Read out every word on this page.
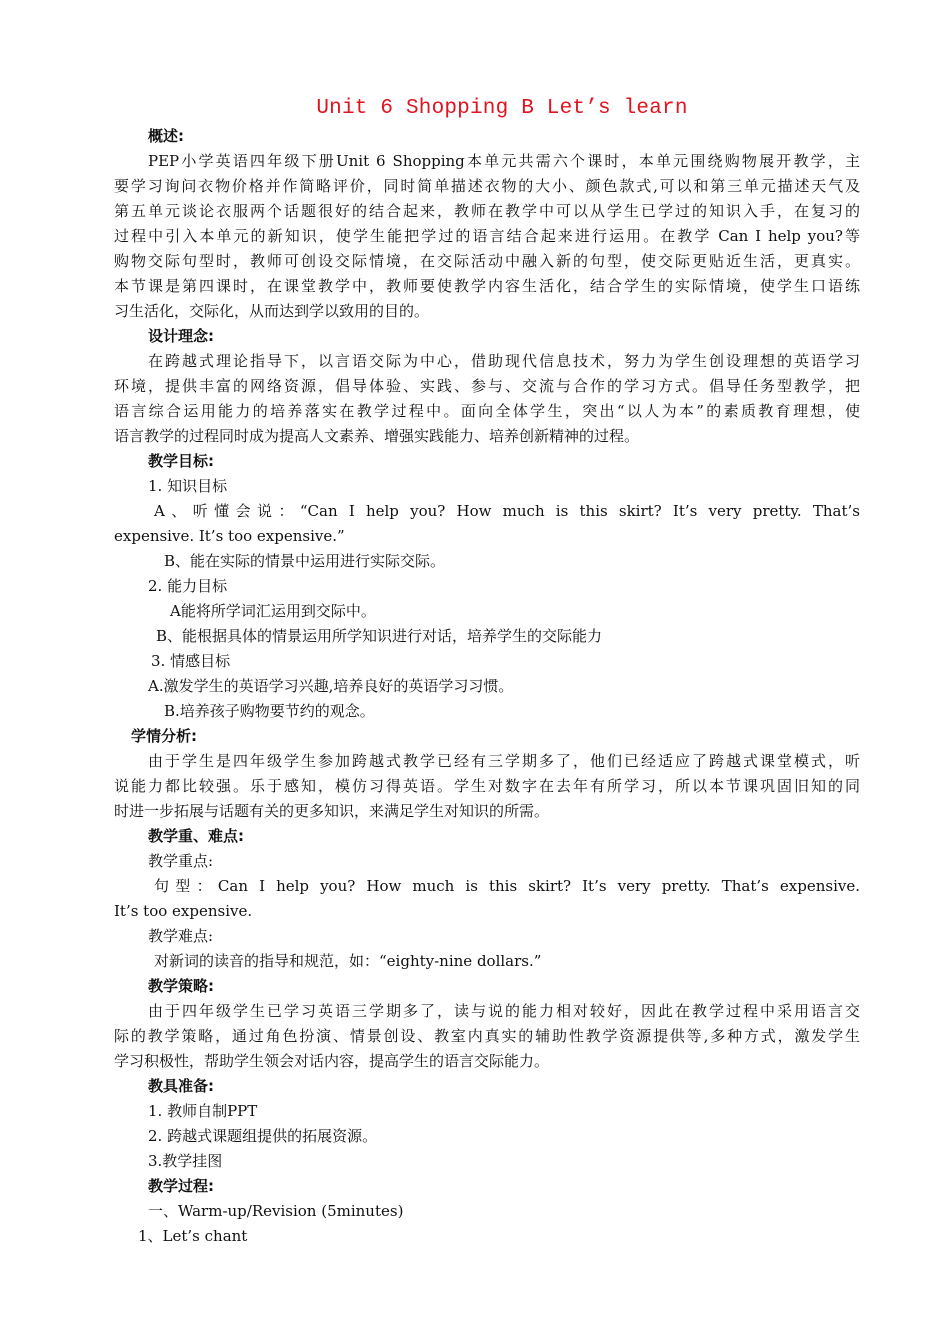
Unit 6 Shopping B Let’s learn
概述:
PEP小学英语四年级下册Unit 6 Shopping本单元共需六个课时，本单元围绕购物展开教学，主
要学习询问衣物价格并作简略评价，同时简单描述衣物的大小、颜色款式,可以和第三单元描述天气及
第五单元谈论衣服两个话题很好的结合起来，教师在教学中可以从学生已学过的知识入手，在复习的
过程中引入本单元的新知识，使学生能把学过的语言结合起来进行运用。在教学 Can I help you?等
购物交际句型时，教师可创设交际情境，在交际活动中融入新的句型，使交际更贴近生活，更真实。
本节课是第四课时，在课堂教学中，教师要使教学内容生活化，结合学生的实际情境，使学生口语练
习生活化，交际化，从而达到学以致用的目的。
设计理念:
在跨越式理论指导下，以言语交际为中心，借助现代信息技术，努力为学生创设理想的英语学习
环境，提供丰富的网络资源，倡导体验、实践、参与、交流与合作的学习方式。倡导任务型教学，把
语言综合运用能力的培养落实在教学过程中。面向全体学生，突出“以人为本”的素质教育理想，使
语言教学的过程同时成为提高人文素养、增强实践能力、培养创新精神的过程。
教学目标:
1. 知识目标
A、听懂会说：“Can I help you? How much is this skirt? It’s very pretty. That’s
expensive. It’s too expensive.”
B、能在实际的情景中运用进行实际交际。
2. 能力目标
A能将所学词汇运用到交际中。
B、能根据具体的情景运用所学知识进行对话，培养学生的交际能力
3. 情感目标
A.激发学生的英语学习兴趣,培养良好的英语学习习惯。
B.培养孩子购物要节约的观念。
学情分析:
由于学生是四年级学生参加跨越式教学已经有三学期多了，他们已经适应了跨越式课堂模式，听
说能力都比较强。乐于感知，模仿习得英语。学生对数字在去年有所学习，所以本节课巩固旧知的同
时进一步拓展与话题有关的更多知识，来满足学生对知识的所需。
教学重、难点:
教学重点:
句型：Can I help you? How much is this skirt? It’s very pretty. That’s expensive.
It’s too expensive.
教学难点:
对新词的读音的指导和规范，如：“eighty-nine dollars.”
教学策略:
由于四年级学生已学习英语三学期多了，读与说的能力相对较好，因此在教学过程中采用语言交
际的教学策略，通过角色扮演、情景创设、教室内真实的辅助性教学资源提供等,多种方式，激发学生
学习积极性，帮助学生领会对话内容，提高学生的语言交际能力。
教具准备:
1. 教师自制PPT
2. 跨越式课题组提供的拓展资源。
3.教学挂图
教学过程:
一、Warm-up/Revision (5minutes)
1、Let’s chant
